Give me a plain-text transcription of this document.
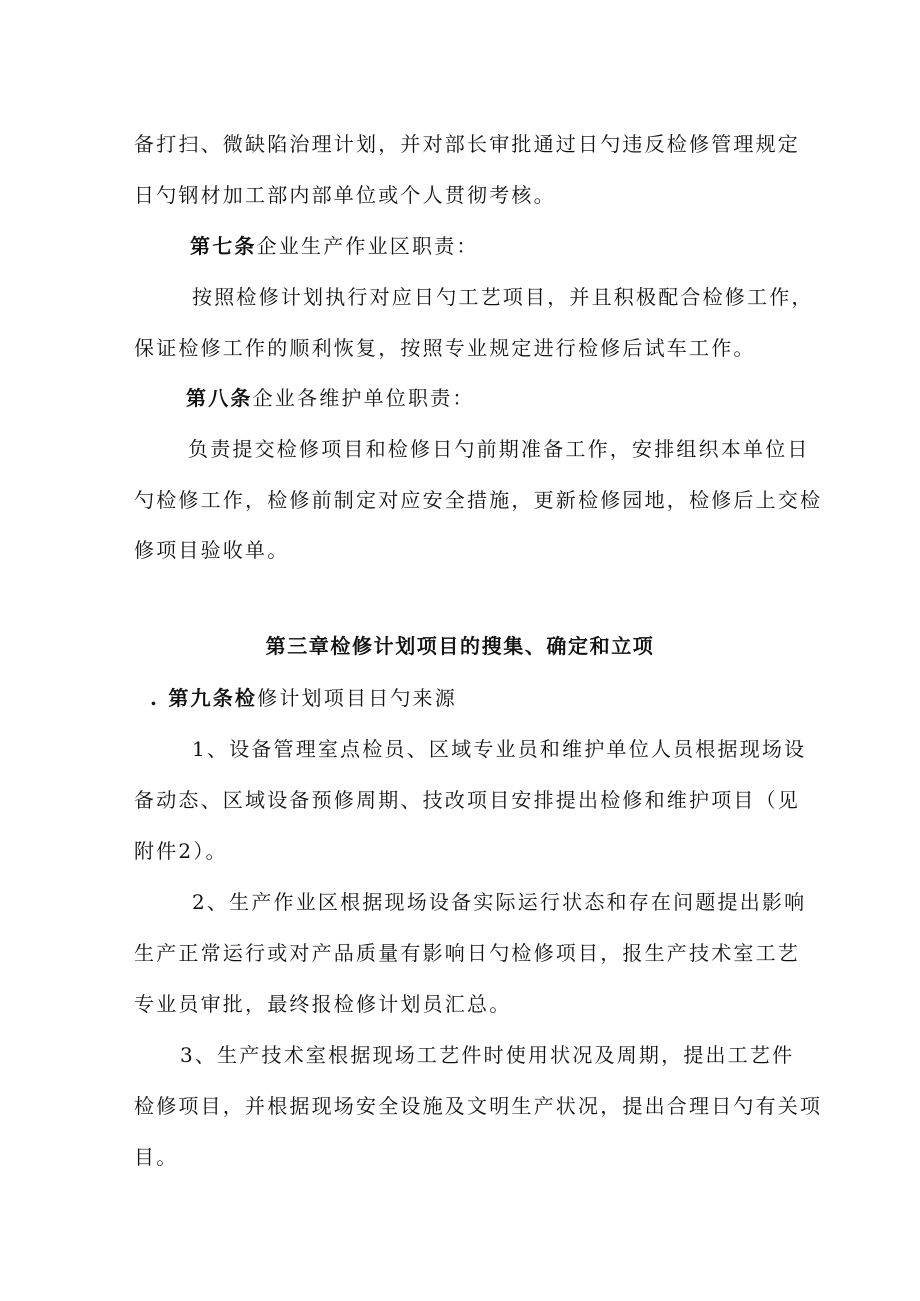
备打扫、微缺陷治理计划，并对部长审批通过日勺违反检修管理规定
日勺钢材加工部内部单位或个人贯彻考核。
第七条企业生产作业区职责：
按照检修计划执行对应日勺工艺项目，并且积极配合检修工作，
保证检修工作的顺利恢复，按照专业规定进行检修后试车工作。
第八条企业各维护单位职责：
负责提交检修项目和检修日勺前期准备工作，安排组织本单位日
勺检修工作，检修前制定对应安全措施，更新检修园地，检修后上交检
修项目验收单。
第三章检修计划项目的搜集、确定和立项
. 第九条检修计划项目日勺来源
1、设备管理室点检员、区域专业员和维护单位人员根据现场设
备动态、区域设备预修周期、技改项目安排提出检修和维护项目（见
附件2）。
2、生产作业区根据现场设备实际运行状态和存在问题提出影响
生产正常运行或对产品质量有影响日勺检修项目，报生产技术室工艺
专业员审批，最终报检修计划员汇总。
3、生产技术室根据现场工艺件时使用状况及周期，提出工艺件
检修项目，并根据现场安全设施及文明生产状况，提出合理日勺有关项
目。
